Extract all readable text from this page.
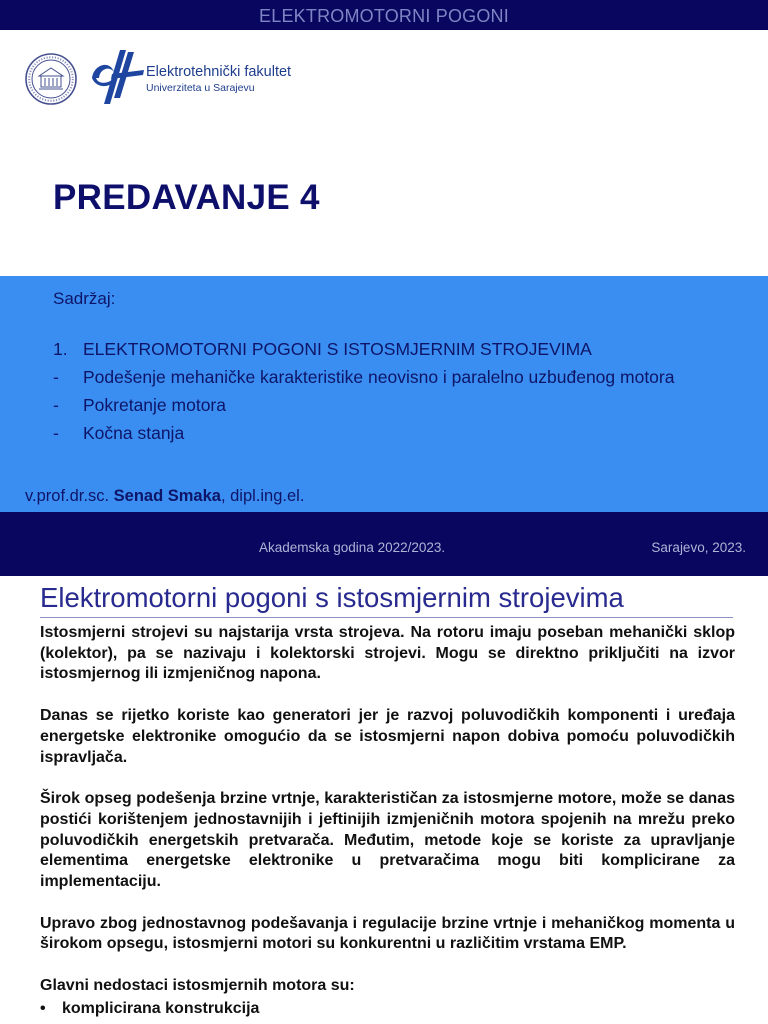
ELEKTROMOTORNI POGONI
Elektrotehnički fakultet
Univerziteta u Sarajevu
PREDAVANJE 4
Sadržaj:
1. ELEKTROMOTORNI POGONI S ISTOSMJERNIM STROJEVIMA
- Podešenje mehaničke karakteristike neovisno i paralelno uzbuđenog motora
- Pokretanje motora
- Kočna stanja
v.prof.dr.sc. Senad Smaka, dipl.ing.el.
Akademska godina 2022/2023.	Sarajevo, 2023.
Elektromotorni pogoni s istosmjernim strojevima

Istosmjerni strojevi su najstarija vrsta strojeva. Na rotoru imaju poseban mehanički sklop (kolektor), pa se nazivaju i kolektorski strojevi. Mogu se direktno priključiti na izvor istosmjernog ili izmjeničnog napona.

Danas se rijetko koriste kao generatori jer je razvoj poluvodičkih komponenti i uređaja energetske elektronike omogućio da se istosmjerni napon dobiva pomoću poluvodičkih ispravljača.

Širok opseg podešenja brzine vrtnje, karakterističan za istosmjerne motore, može se danas postići korištenjem jednostavnijih i jeftinijih izmjeničnih motora spojenih na mrežu preko poluvodičkih energetskih pretvarača. Međutim, metode koje se koriste za upravljanje elementima energetske elektronike u pretvaračima mogu biti komplicirane za implementaciju.

Upravo zbog jednostavnog podešavanja i regulacije brzine vrtnje i mehaničkog momenta u širokom opsegu, istosmjerni motori su konkurentni u različitim vrstama EMP.

Glavni nedostaci istosmjernih motora su:

• komplicirana konstrukcija
